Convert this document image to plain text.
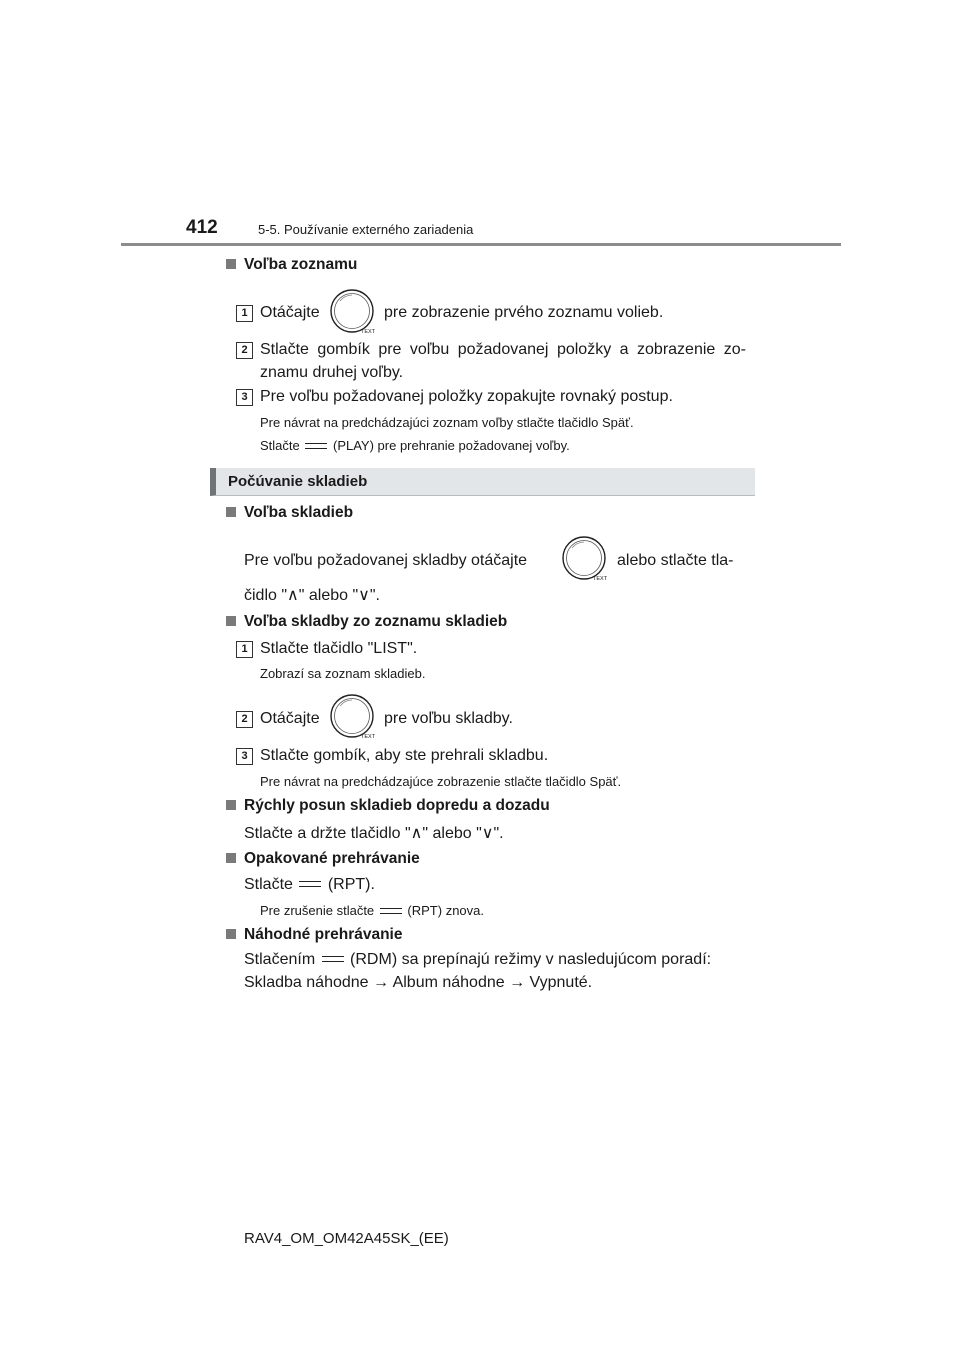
412	5-5. Používanie externého zariadenia
Voľba zoznamu
1 Otáčajte
TEXT
pre zobrazenie prvého zoznamu volieb.
2 Stlačte gombík pre voľbu požadovanej položky a zobrazenie zo-
znamu druhej voľby.
3 Pre voľbu požadovanej položky zopakujte rovnaký postup.
Pre návrat na predchádzajúci zoznam voľby stlačte tlačidlo Späť.
Stlačte	(PLAY) pre prehranie požadovanej voľby.
Počúvanie skladieb
Voľba skladieb
Pre voľbu požadovanej skladby otáčajte
TEXT
alebo stlačte tla-
čidlo "∧" alebo "∨".
Voľba skladby zo zoznamu skladieb
1 Stlačte tlačidlo "LIST".
Zobrazí sa zoznam skladieb.
2 Otáčajte
TEXT
pre voľbu skladby.
3 Stlačte gombík, aby ste prehrali skladbu.
Pre návrat na predchádzajúce zobrazenie stlačte tlačidlo Späť.
Rýchly posun skladieb dopredu a dozadu
Stlačte a držte tlačidlo "∧" alebo "∨".
Opakované prehrávanie
Stlačte (RPT).
Pre zrušenie stlačte	(RPT) znova.
Náhodné prehrávanie
Stlačením (RDM) sa prepínajú režimy v nasledujúcom poradí:
Skladba náhodne → Album náhodne → Vypnuté.
RAV4_OM_OM42A45SK_(EE)
